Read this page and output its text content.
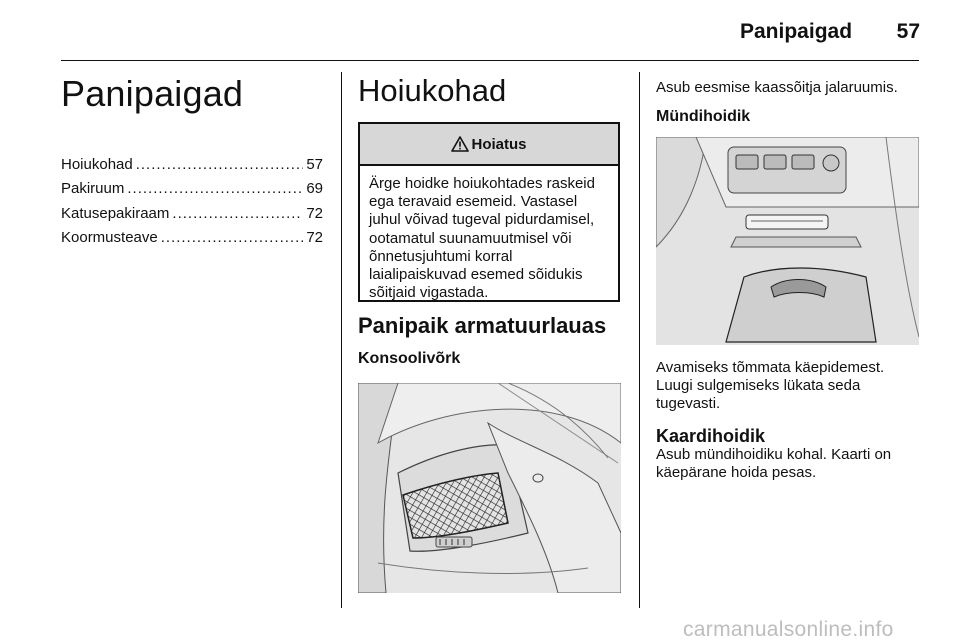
Panipaigad	57
Panipaigad
Hoiukohad .....	57
Pakiruum .....	69
Katusepakiraam .....	72
Koormusteave .....	72
Hoiukohad
Hoiatus
Ärge hoidke hoiukohtades raskeid
ega teravaid esemeid. Vastasel
juhul võivad tugeval pidurdamisel,
ootamatul suunamuutmisel või
õnnetusjuhtumi korral
laialipaiskuvad esemed sõidukis
sõitjaid vigastada.
Panipaik armatuurlauas
Konsoolivõrk
Asub eesmise kaassõitja jalaruumis.
Mündihoidik
Avamiseks tõmmata käepidemest.
Luugi sulgemiseks lükata seda
tugevasti.
Kaardihoidik
Asub mündihoidiku kohal. Kaarti on
käepärane hoida pesas.
carmanualsonline.info
